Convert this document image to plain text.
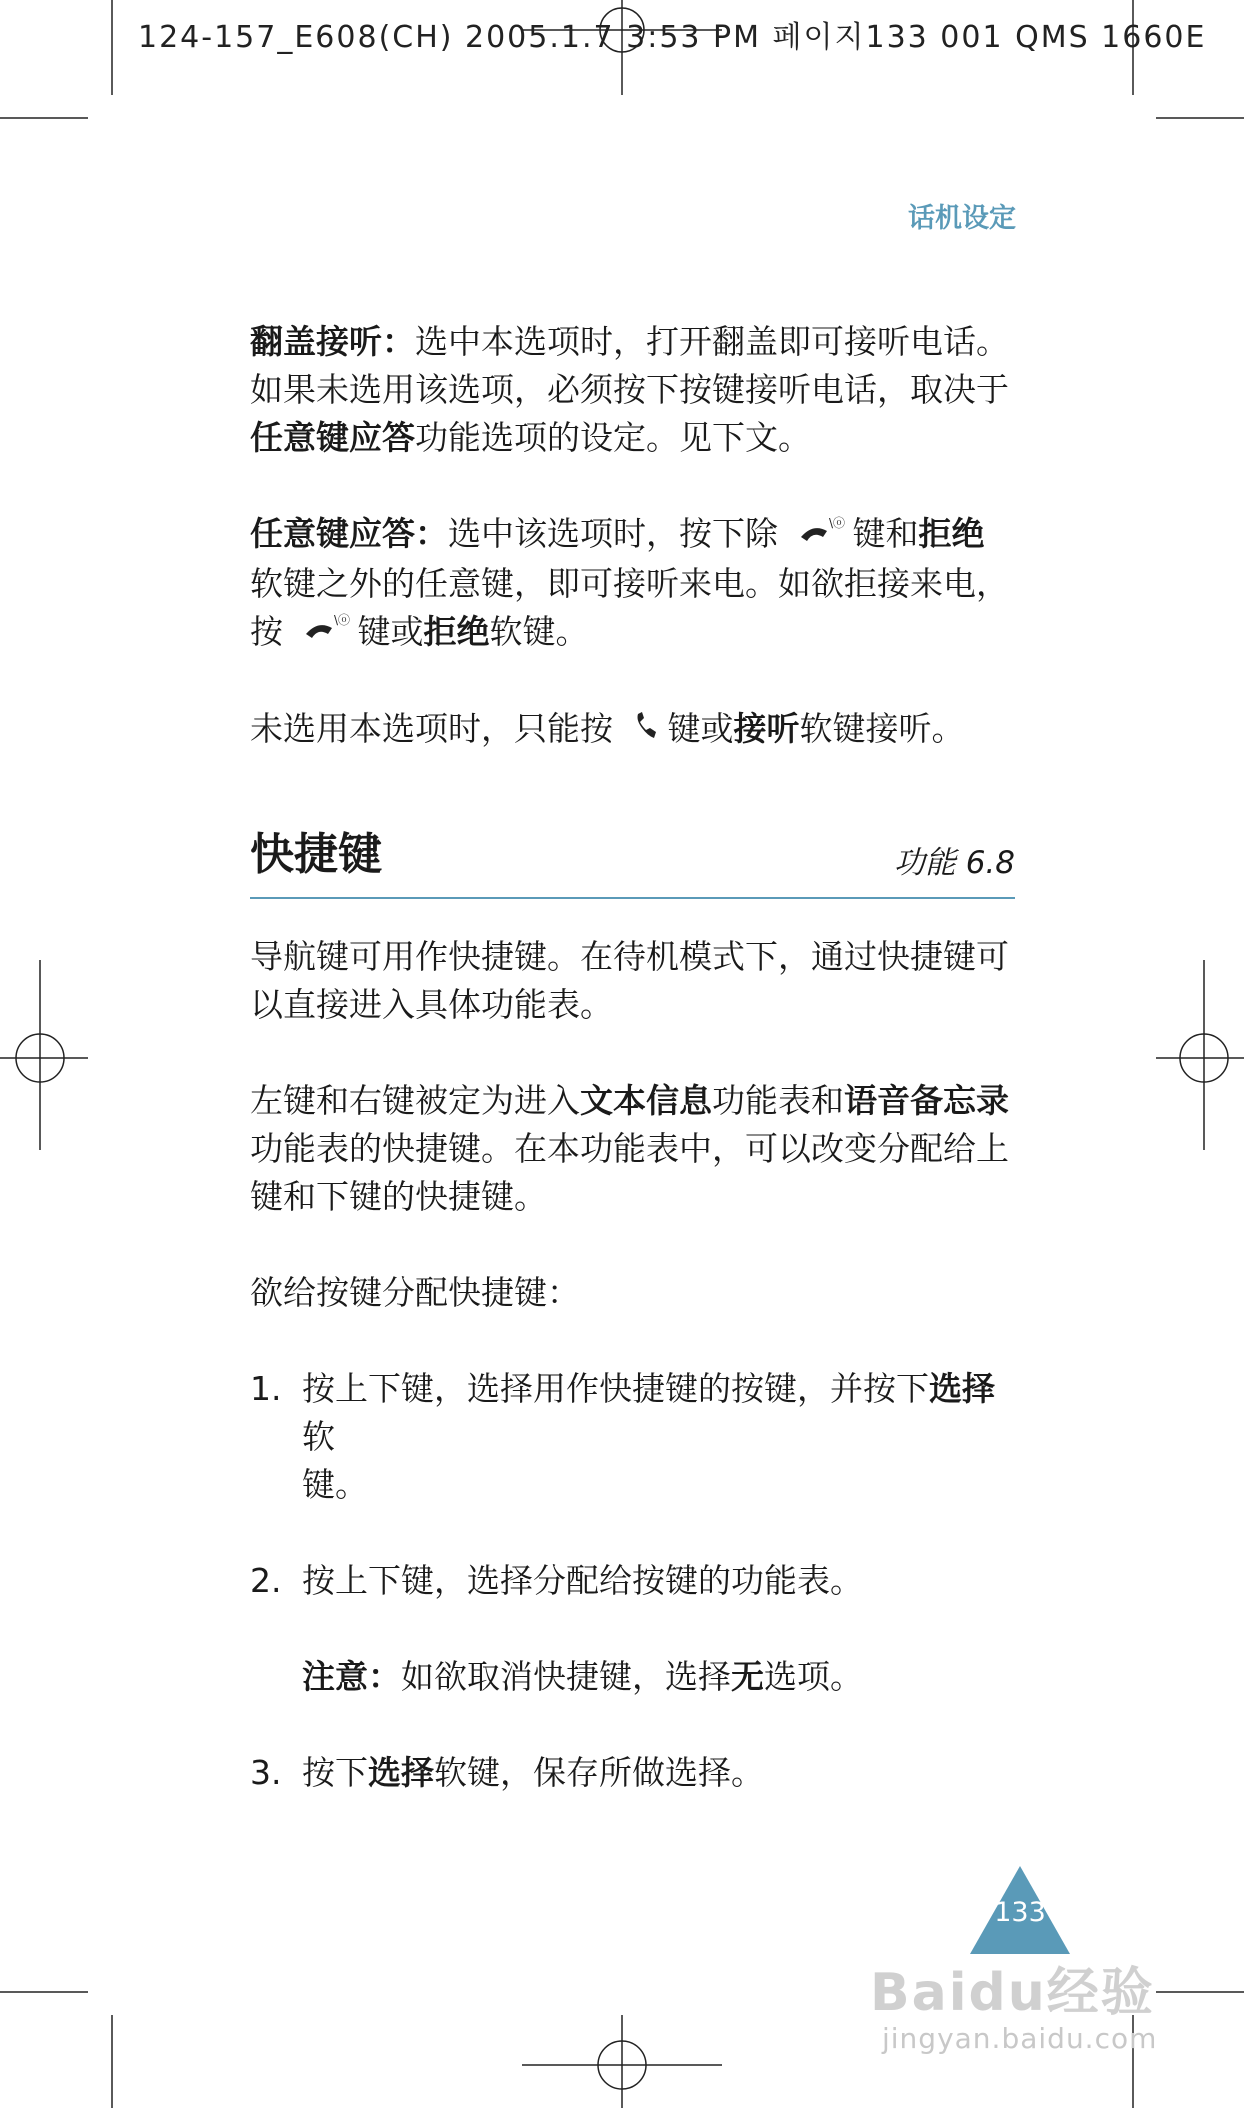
124-157_E608(CH) 2005.1.7 3:53 PM 페이지133 001 QMS 1660E
话机设定

翻盖接听：选中本选项时，打开翻盖即可接听电话。
如果未选用该选项，必须按下按键接听电话，取决于
任意键应答功能选项的设定。见下文。

任意键应答：选中该选项时，按下除	\ⓞ 键和拒绝
软键之外的任意键，即可接听来电。如欲拒接来电，
按	\ⓞ 键或拒绝软键。

未选用本选项时，只能按 键或接听软键接听。

快捷键	功能 6.8

导航键可用作快捷键。在待机模式下，通过快捷键可
以直接进入具体功能表。

左键和右键被定为进入文本信息功能表和语音备忘录
功能表的快捷键。在本功能表中，可以改变分配给上
键和下键的快捷键。

欲给按键分配快捷键：

1. 按上下键，选择用作快捷键的按键，并按下选择软
键。
2. 按上下键，选择分配给按键的功能表。

注意：如欲取消快捷键，选择无选项。

3. 按下选择软键，保存所做选择。
133
Baidu经验
jingyan.baidu.com
